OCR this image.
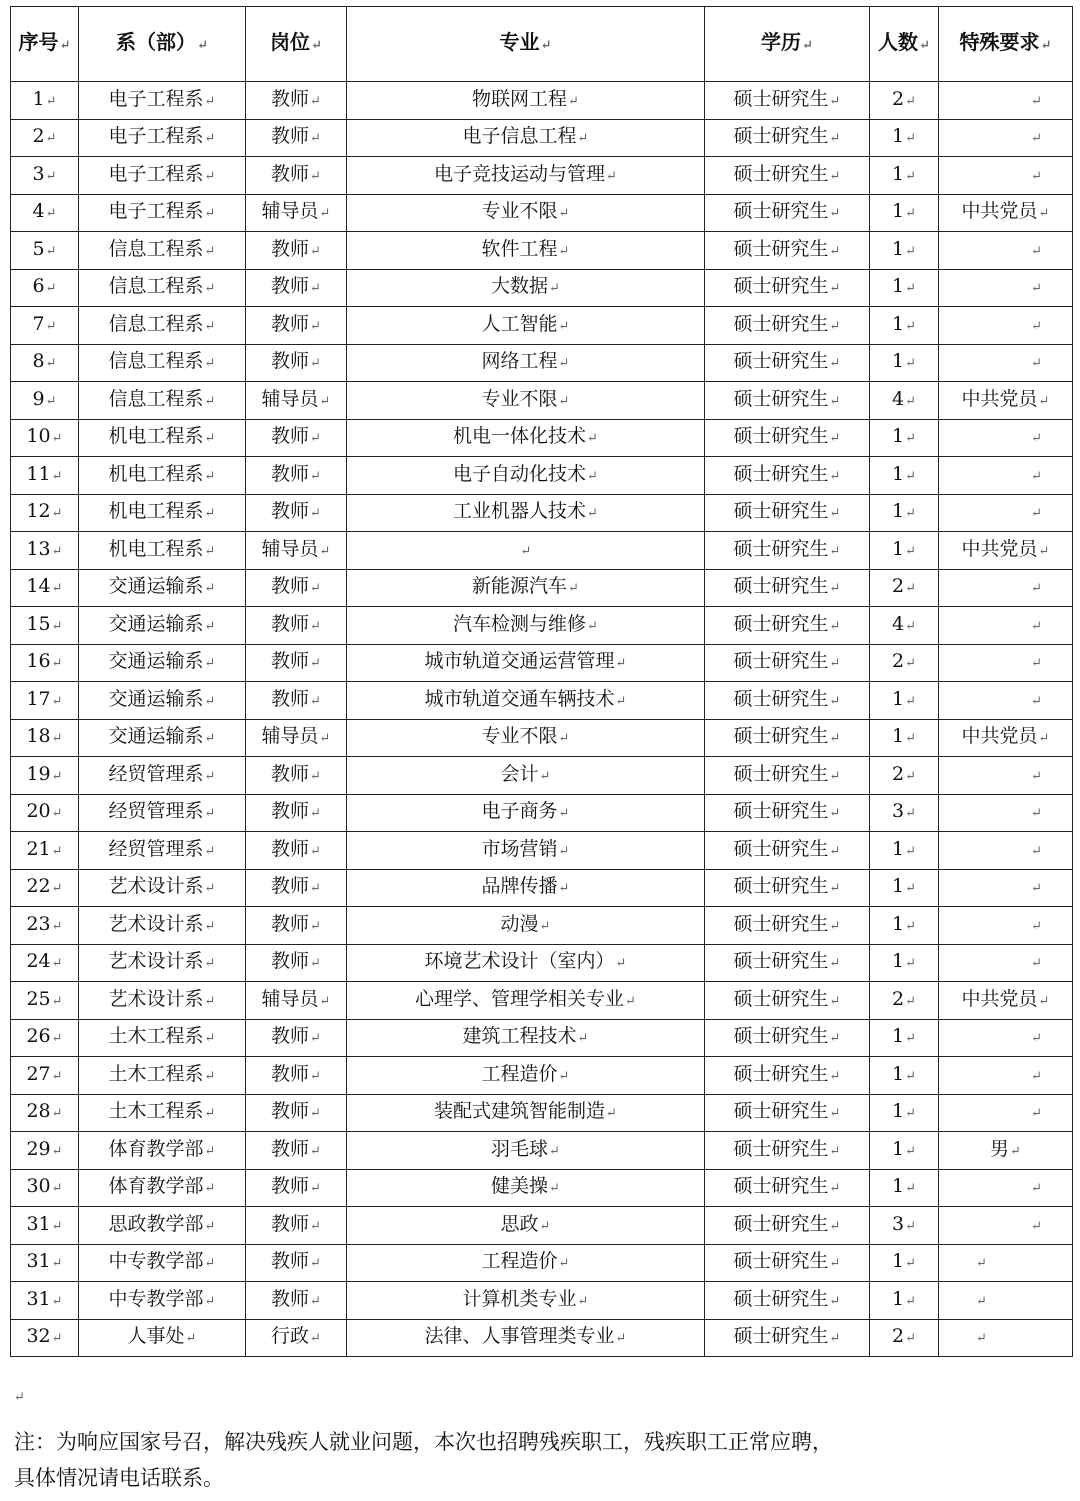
序号↵	系（部）↵	岗位↵	专业↵	学历↵	人数↵	特殊要求↵
1↵	电子工程系↵	教师↵	物联网工程↵	硕士研究生↵	2↵	↵
2↵	电子工程系↵	教师↵	电子信息工程↵	硕士研究生↵	1↵	↵
3↵	电子工程系↵	教师↵	电子竞技运动与管理↵	硕士研究生↵	1↵	↵
4↵	电子工程系↵	辅导员↵	专业不限↵	硕士研究生↵	1↵	中共党员↵
5↵	信息工程系↵	教师↵	软件工程↵	硕士研究生↵	1↵	↵
6↵	信息工程系↵	教师↵	大数据↵	硕士研究生↵	1↵	↵
7↵	信息工程系↵	教师↵	人工智能↵	硕士研究生↵	1↵	↵
8↵	信息工程系↵	教师↵	网络工程↵	硕士研究生↵	1↵	↵
9↵	信息工程系↵	辅导员↵	专业不限↵	硕士研究生↵	4↵	中共党员↵
10↵	机电工程系↵	教师↵	机电一体化技术↵	硕士研究生↵	1↵	↵
11↵	机电工程系↵	教师↵	电子自动化技术↵	硕士研究生↵	1↵	↵
12↵	机电工程系↵	教师↵	工业机器人技术↵	硕士研究生↵	1↵	↵
13↵	机电工程系↵	辅导员↵	↵	硕士研究生↵	1↵	中共党员↵
14↵	交通运输系↵	教师↵	新能源汽车↵	硕士研究生↵	2↵	↵
15↵	交通运输系↵	教师↵	汽车检测与维修↵	硕士研究生↵	4↵	↵
16↵	交通运输系↵	教师↵	城市轨道交通运营管理↵	硕士研究生↵	2↵	↵
17↵	交通运输系↵	教师↵	城市轨道交通车辆技术↵	硕士研究生↵	1↵	↵
18↵	交通运输系↵	辅导员↵	专业不限↵	硕士研究生↵	1↵	中共党员↵
19↵	经贸管理系↵	教师↵	会计↵	硕士研究生↵	2↵	↵
20↵	经贸管理系↵	教师↵	电子商务↵	硕士研究生↵	3↵	↵
21↵	经贸管理系↵	教师↵	市场营销↵	硕士研究生↵	1↵	↵
22↵	艺术设计系↵	教师↵	品牌传播↵	硕士研究生↵	1↵	↵
23↵	艺术设计系↵	教师↵	动漫↵	硕士研究生↵	1↵	↵
24↵	艺术设计系↵	教师↵	环境艺术设计（室内）↵	硕士研究生↵	1↵	↵
25↵	艺术设计系↵	辅导员↵	心理学、管理学相关专业↵	硕士研究生↵	2↵	中共党员↵
26↵	土木工程系↵	教师↵	建筑工程技术↵	硕士研究生↵	1↵	↵
27↵	土木工程系↵	教师↵	工程造价↵	硕士研究生↵	1↵	↵
28↵	土木工程系↵	教师↵	装配式建筑智能制造↵	硕士研究生↵	1↵	↵
29↵	体育教学部↵	教师↵	羽毛球↵	硕士研究生↵	1↵	男↵
30↵	体育教学部↵	教师↵	健美操↵	硕士研究生↵	1↵	↵
31↵	思政教学部↵	教师↵	思政↵	硕士研究生↵	3↵	↵
31↵	中专教学部↵	教师↵	工程造价↵	硕士研究生↵	1↵	↵
31↵	中专教学部↵	教师↵	计算机类专业↵	硕士研究生↵	1↵	↵
32↵	人事处↵	行政↵	法律、人事管理类专业↵	硕士研究生↵	2↵	↵
↵

注：为响应国家号召，解决残疾人就业问题，本次也招聘残疾职工，残疾职工正常应聘，

具体情况请电话联系。
